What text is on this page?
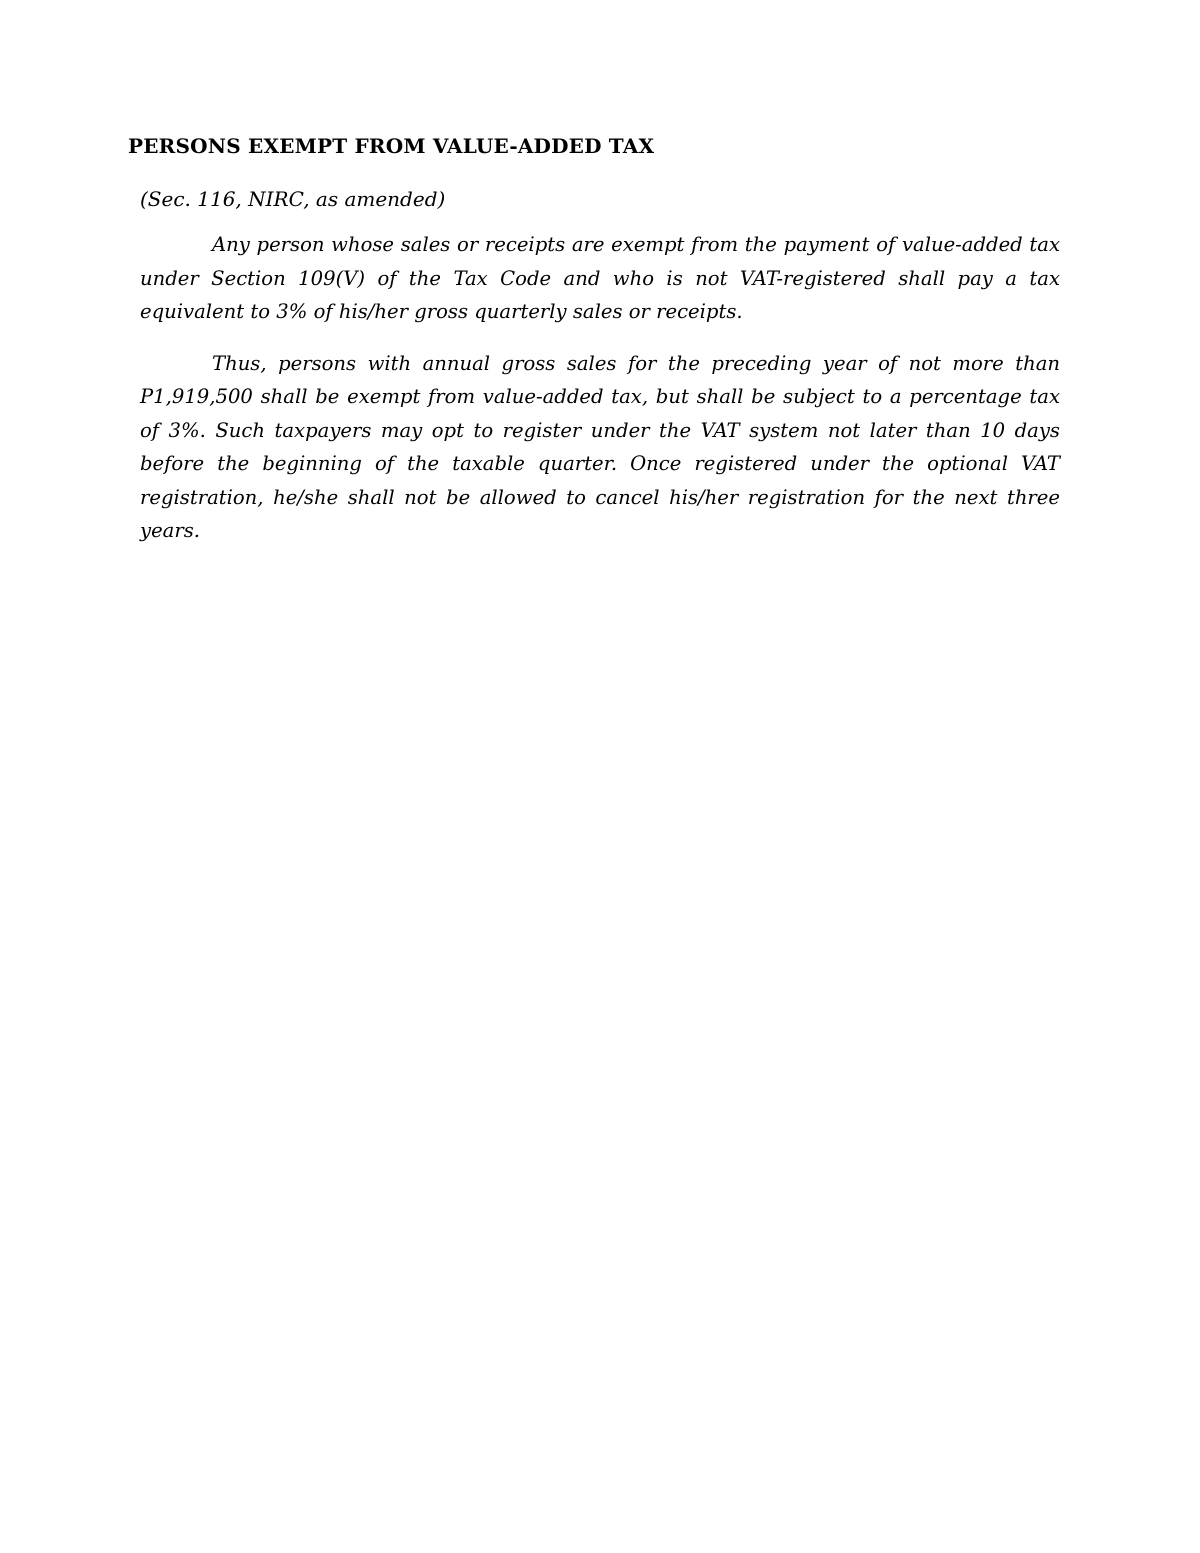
PERSONS EXEMPT FROM VALUE-ADDED TAX

(Sec. 116, NIRC, as amended)

Any person whose sales or receipts are exempt from the payment of value-added tax under Section 109(V) of the Tax Code and who is not VAT-registered shall pay a tax equivalent to 3% of his/her gross quarterly sales or receipts.

Thus, persons with annual gross sales for the preceding year of not more than P1,919,500 shall be exempt from value-added tax, but shall be subject to a percentage tax of 3%. Such taxpayers may opt to register under the VAT system not later than 10 days before the beginning of the taxable quarter. Once registered under the optional VAT registration, he/she shall not be allowed to cancel his/her registration for the next three years.
